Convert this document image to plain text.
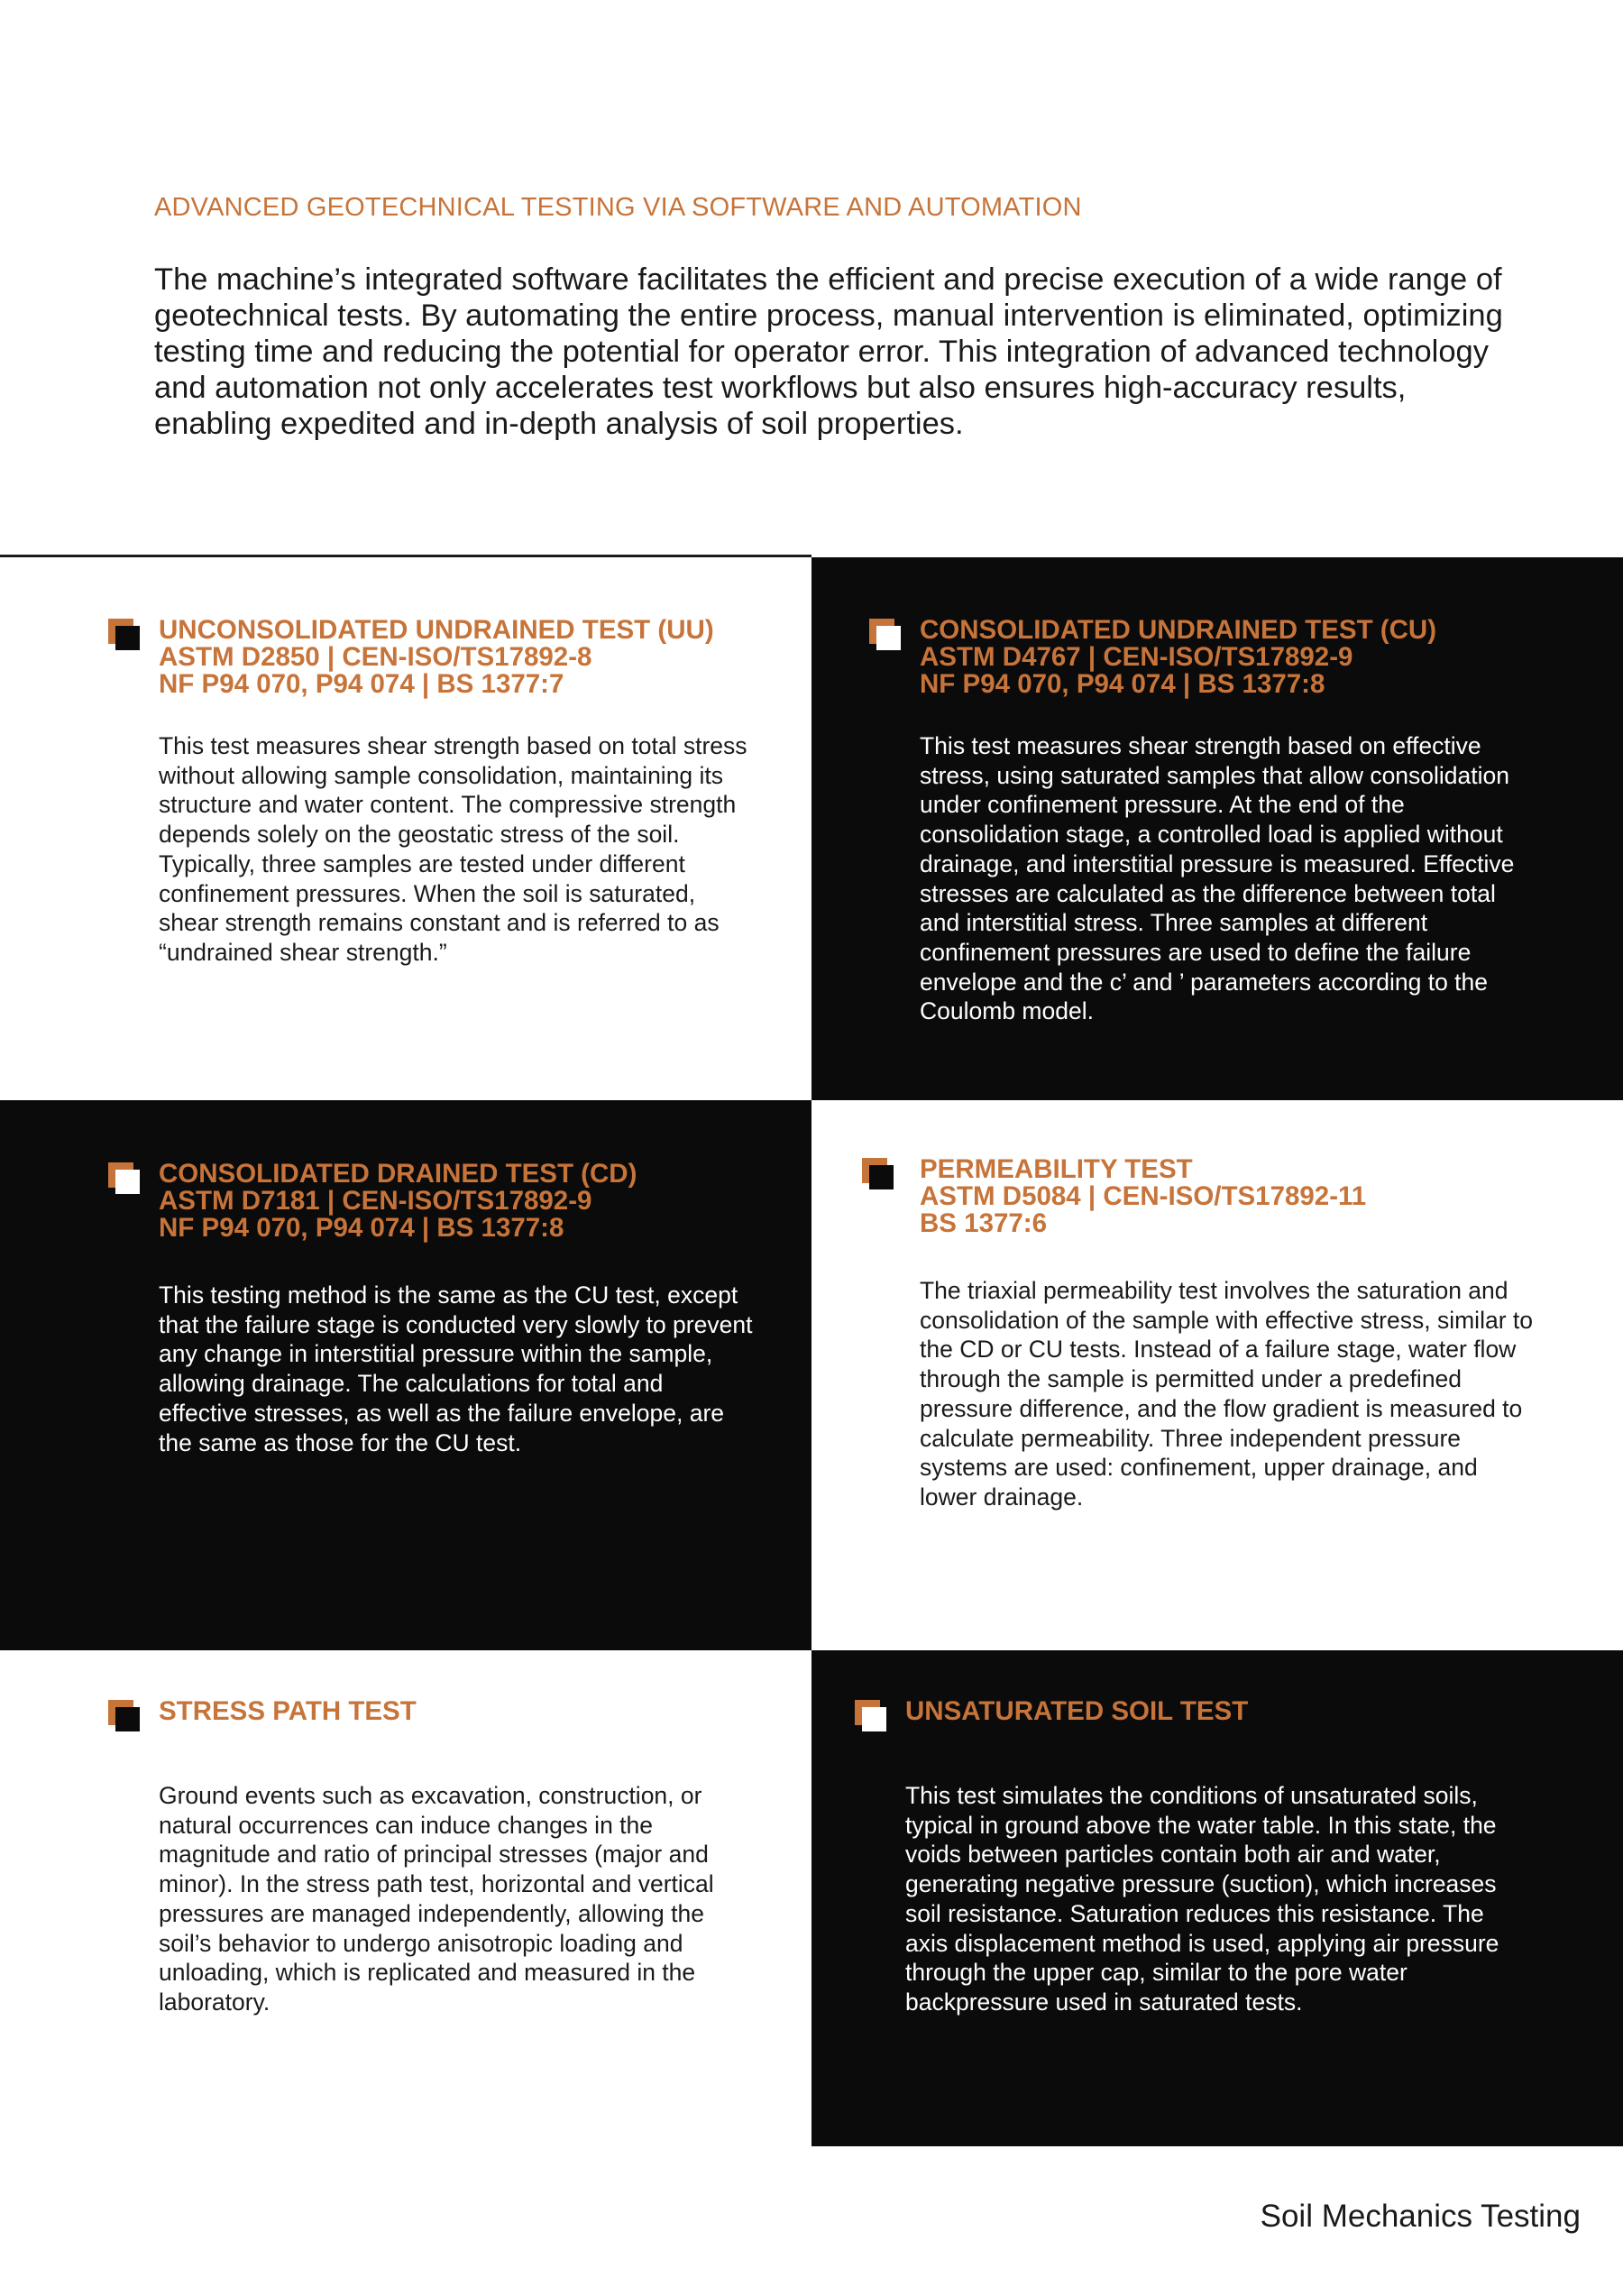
ADVANCED GEOTECHNICAL TESTING VIA SOFTWARE AND AUTOMATION
The machine’s integrated software facilitates the efficient and precise execution of a wide range of geotechnical tests. By automating the entire process, manual intervention is eliminated, optimizing testing time and reducing the potential for operator error. This integration of advanced technology and automation not only accelerates test workflows but also ensures high-accuracy results, enabling expedited and in-depth analysis of soil properties.
UNCONSOLIDATED UNDRAINED TEST (UU)
ASTM D2850 | CEN-ISO/TS17892-8
NF P94 070, P94 074 | BS 1377:7
This test measures shear strength based on total stress without allowing sample consolidation, maintaining its structure and water content. The compressive strength depends solely on the geostatic stress of the soil. Typically, three samples are tested under different confinement pressures. When the soil is saturated, shear strength remains constant and is referred to as “undrained shear strength.”
CONSOLIDATED UNDRAINED TEST (CU)
ASTM D4767 | CEN-ISO/TS17892-9
NF P94 070, P94 074 | BS 1377:8
This test measures shear strength based on effective stress, using saturated samples that allow consolidation under confinement pressure. At the end of the consolidation stage, a controlled load is applied without drainage, and interstitial pressure is measured. Effective stresses are calculated as the difference between total and interstitial stress. Three samples at different confinement pressures are used to define the failure envelope and the c’ and ’ parameters according to the Coulomb model.
CONSOLIDATED DRAINED TEST (CD)
ASTM D7181 | CEN-ISO/TS17892-9
NF P94 070, P94 074 | BS 1377:8
This testing method is the same as the CU test, except that the failure stage is conducted very slowly to prevent any change in interstitial pressure within the sample, allowing drainage. The calculations for total and effective stresses, as well as the failure envelope, are the same as those for the CU test.
PERMEABILITY TEST
ASTM D5084 | CEN-ISO/TS17892-11
BS 1377:6
The triaxial permeability test involves the saturation and consolidation of the sample with effective stress, similar to the CD or CU tests. Instead of a failure stage, water flow through the sample is permitted under a predefined pressure difference, and the flow gradient is measured to calculate permeability. Three independent pressure systems are used: confinement, upper drainage, and lower drainage.
STRESS PATH TEST
Ground events such as excavation, construction, or natural occurrences can induce changes in the magnitude and ratio of principal stresses (major and minor). In the stress path test, horizontal and vertical pressures are managed independently, allowing the soil’s behavior to undergo anisotropic loading and unloading, which is replicated and measured in the laboratory.
UNSATURATED SOIL TEST
This test simulates the conditions of unsaturated soils, typical in ground above the water table. In this state, the voids between particles contain both air and water, generating negative pressure (suction), which increases soil resistance. Saturation reduces this resistance. The axis displacement method is used, applying air pressure through the upper cap, similar to the pore water backpressure used in saturated tests.
Soil Mechanics Testing
